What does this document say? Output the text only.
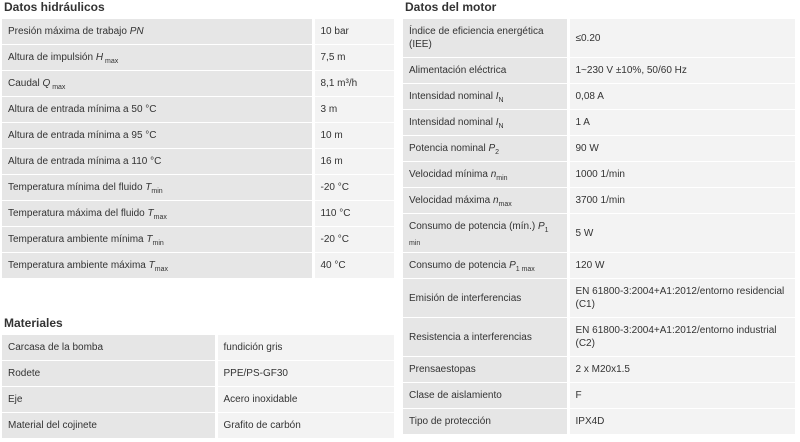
Datos hidráulicos
Presión máxima de trabajo PN	10 bar
Altura de impulsión H $_{max}$	7,5 m
Caudal Q $_{max}$	8,1 m³/h
Altura de entrada mínima a 50 °C	3 m
Altura de entrada mínima a 95 °C	10 m
Altura de entrada mínima a 110 °C	16 m
Temperatura mínima del fluido $T_{min}$	-20 °C
Temperatura máxima del fluido $T_{max}$	110 °C
Temperatura ambiente mínima $T_{min}$	-20 °C
Temperatura ambiente máxima $T_{max}$	40 °C
Materiales
Carcasa de la bomba	fundición gris
Rodete	PPE/PS-GF30
Eje	Acero inoxidable
Material del cojinete	Grafito de carbón
Datos del motor
Índice de eficiencia energética (IEE)	≤0.20
Alimentación eléctrica	1~230 V ±10%, 50/60 Hz
Intensidad nominal $I_N$	0,08 A
Intensidad nominal $I_N$	1 A
Potencia nominal $P_2$	90 W
Velocidad mínima $n_{min}$	1000 1/min
Velocidad máxima $n_{max}$	3700 1/min
Consumo de potencia (mín.) $P_{1 min}$	5 W
Consumo de potencia $P_{1 max}$	120 W
Emisión de interferencias	EN 61800-3:2004+A1:2012/entorno residencial (C1)
Resistencia a interferencias	EN 61800-3:2004+A1:2012/entorno industrial (C2)
Prensaestopas	2 x M20x1.5
Clase de aislamiento	F
Tipo de protección	IPX4D
